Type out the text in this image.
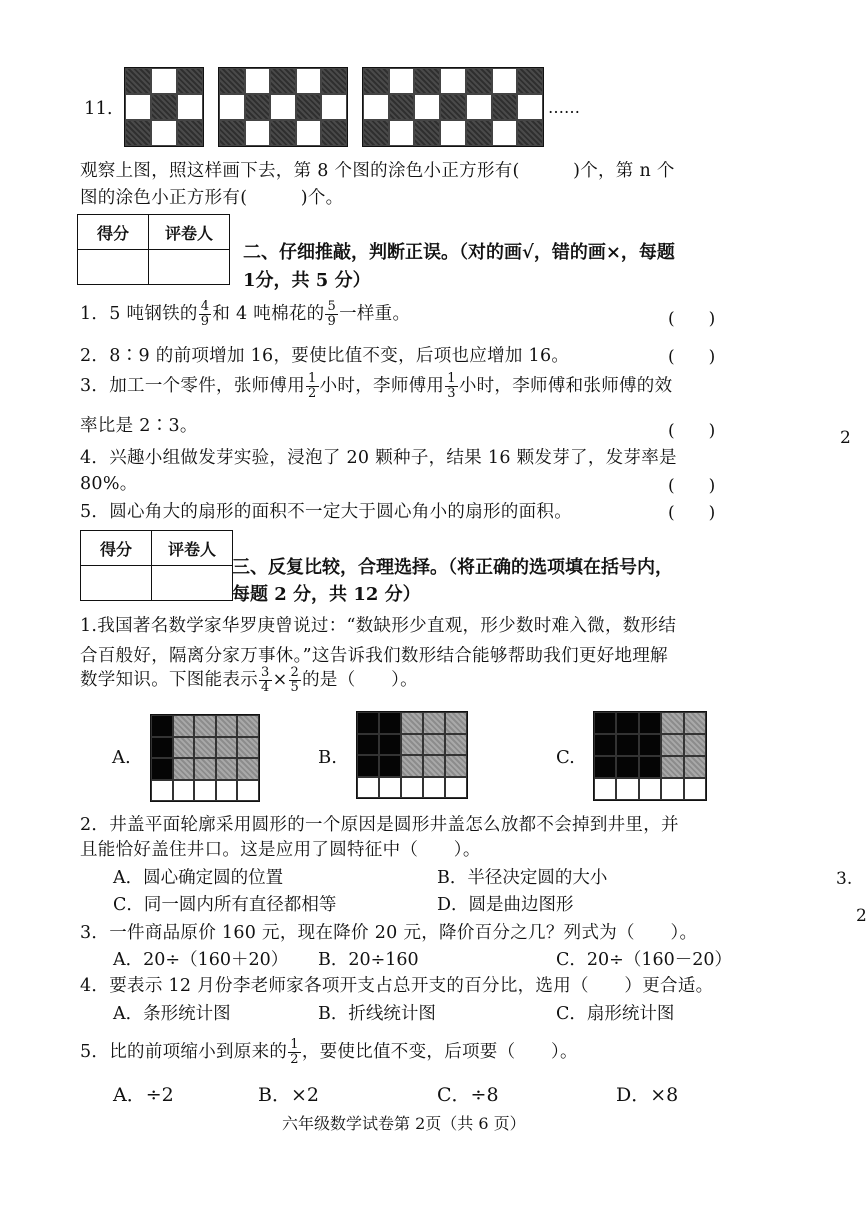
11.	……
观察上图，照这样画下去，第 8 个图的涂色小正方形有(　　　)个，第 n 个
图的涂色小正方形有(　　　)个。
得分	评卷人

二、仔细推敲，判断正误。（对的画√，错的画×，每题
1分，共 5 分）
1．5 吨钢铁的 $\frac{4}{9}$ 和 4 吨棉花的 $\frac{5}{9}$ 一样重。	(　　)
2．8∶9 的前项增加 16，要使比值不变，后项也应增加 16。	(　　)
3．加工一个零件，张师傅用 $\frac{1}{2}$ 小时，李师傅用 $\frac{1}{3}$ 小时，李师傅和张师傅的效
率比是 2∶3。	(　　)
4．兴趣小组做发芽实验，浸泡了 20 颗种子，结果 16 颗发芽了，发芽率是
80%。	(　　)
5．圆心角大的扇形的面积不一定大于圆心角小的扇形的面积。	(　　)
得分	评卷人

三、反复比较，合理选择。（将正确的选项填在括号内，
每题 2 分，共 12 分）
1.我国著名数学家华罗庚曾说过：“数缺形少直观，形少数时难入微，数形结
合百般好，隔离分家万事休。”这告诉我们数形结合能够帮助我们更好地理解
数学知识。下图能表示 $\frac{3}{4} \times \frac{2}{5}$ 的是（　　）。
A.	B.	C.
2．井盖平面轮廓采用圆形的一个原因是圆形井盖怎么放都不会掉到井里，并
且能恰好盖住井口。这是应用了圆特征中（　　）。
A．圆心确定圆的位置	B．半径决定圆的大小
C．同一圆内所有直径都相等	D．圆是曲边图形
3．一件商品原价 160 元，现在降价 20 元，降价百分之几？列式为（　　）。
A．20÷（160＋20） B．20÷160	C．20÷（160－20）
4．要表示 12 月份李老师家各项开支占总开支的百分比，选用（　　）更合适。
A．条形统计图	B．折线统计图	C．扇形统计图
5．比的前项缩小到原来的 $\frac{1}{2}$ ，要使比值不变，后项要（　　）。
A．÷2	B．×2	C．÷8	D．×8
六年级数学试卷第 2页（共 6 页）
2
3.
2
